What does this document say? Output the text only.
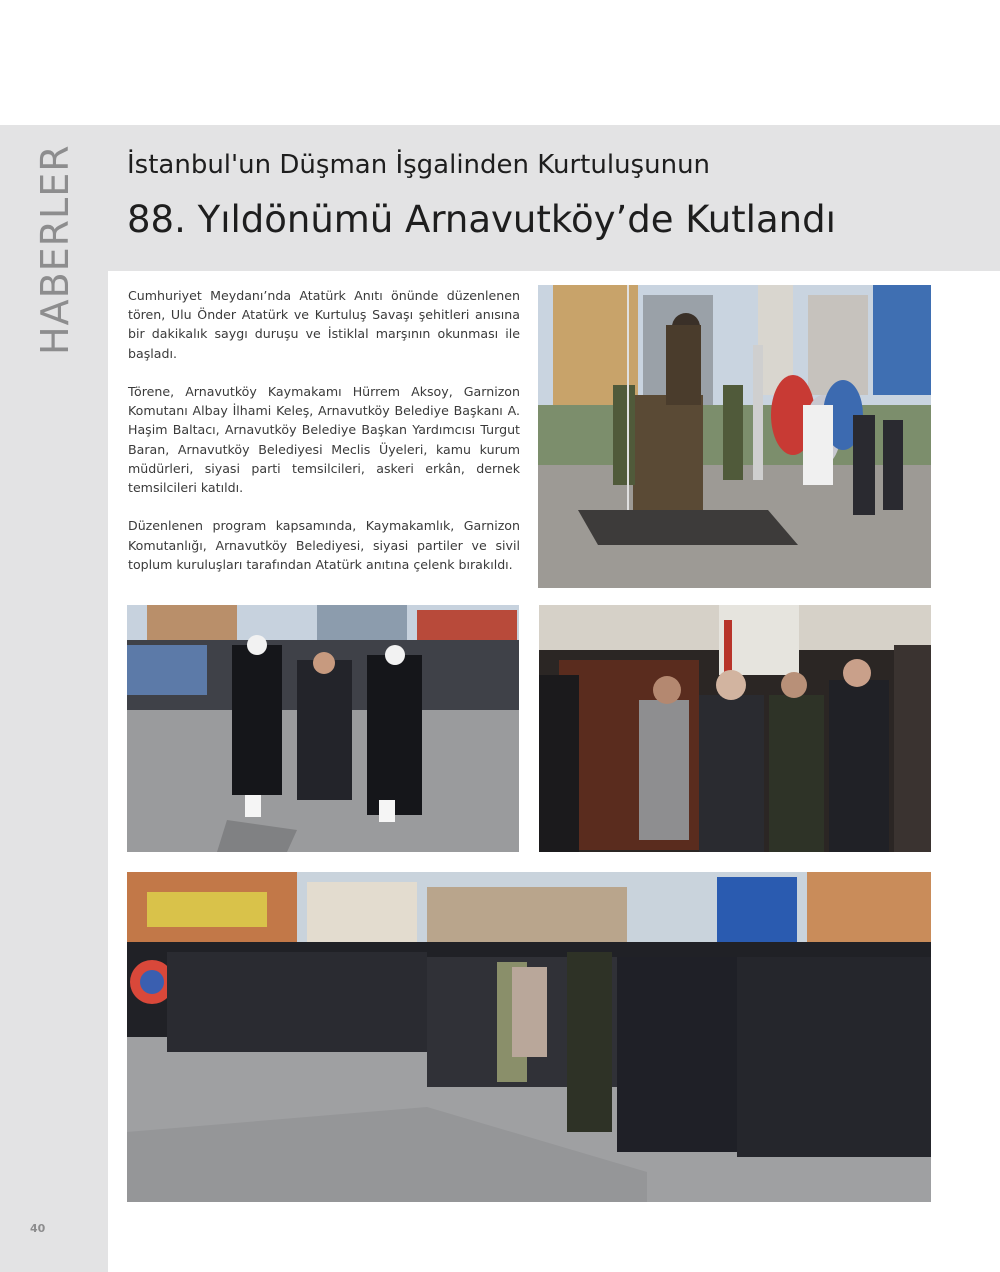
HABERLER İstanbul'un Düşman İşgalinden Kurtuluşunun
88. Yıldönümü Arnavutköy’de Kutlandı

Cumhuriyet Meydanı’nda Atatürk Anıtı önünde düzenlenen tören, Ulu Önder Atatürk ve Kurtuluş Savaşı şehitleri anısına bir dakikalık saygı duruşu ve İstiklal marşının okunması ile başladı.

Törene, Arnavutköy Kaymakamı Hürrem Aksoy, Garnizon Komutanı Albay İlhami Keleş, Arnavutköy Belediye Başkanı A. Haşim Baltacı, Arnavutköy Belediye Başkan Yardımcısı Turgut Baran, Arnavutköy Belediyesi Meclis Üyeleri, kamu kurum müdürleri, siyasi parti temsilcileri, askeri erkân, dernek temsilcileri katıldı.

Düzenlenen program kapsamında, Kaymakamlık, Garnizon Komutanlığı, Arnavutköy Belediyesi, siyasi partiler ve sivil toplum kuruluşları tarafından Atatürk anıtına çelenk bırakıldı.

40
